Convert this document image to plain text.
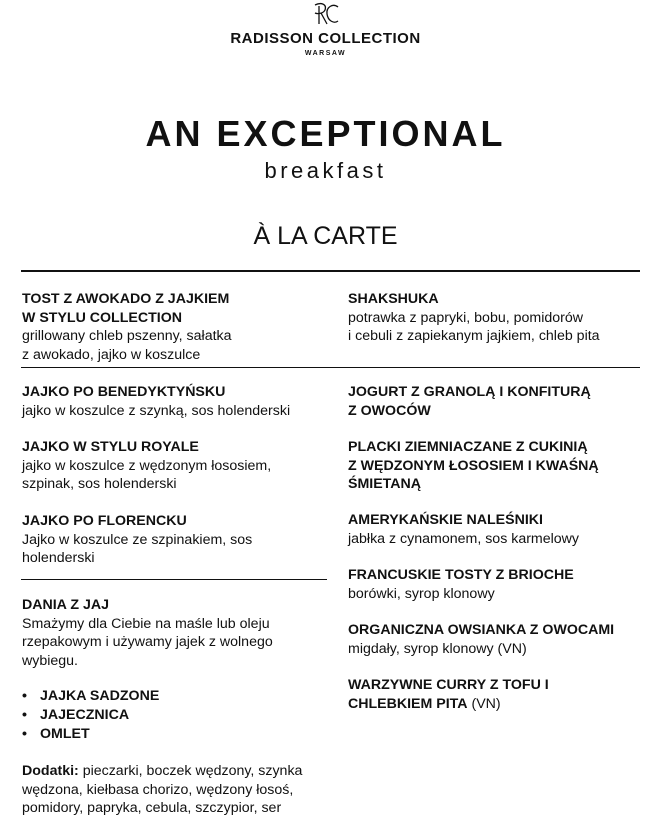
RADISSON COLLECTION
WARSAW
AN EXCEPTIONAL
breakfast
À LA CARTE
TOST Z AWOKADO Z JAJKIEM
W STYLU COLLECTION
grillowany chleb pszenny, sałatka
z awokado, jajko w koszulce
SHAKSHUKA
potrawka z papryki, bobu, pomidorów
i cebuli z zapiekanym jajkiem, chleb pita
JAJKO PO BENEDYKTYŃSKU
jajko w koszulce z szynką, sos holenderski
JAJKO W STYLU ROYALE
jajko w koszulce z wędzonym łososiem,
szpinak, sos holenderski
JAJKO PO FLORENCKU
Jajko w koszulce ze szpinakiem, sos
holenderski
DANIA Z JAJ
Smażymy dla Ciebie na maśle lub oleju
rzepakowym i używamy jajek z wolnego
wybiegu.
• JAJKA SADZONE
• JAJECZNICA
• OMLET
Dodatki: pieczarki, boczek wędzony, szynka
wędzona, kiełbasa chorizo, wędzony łosoś,
pomidory, papryka, cebula, szczypior, ser
JOGURT Z GRANOLĄ I KONFITURĄ
Z OWOCÓW
PLACKI ZIEMNIACZANE Z CUKINIĄ
Z WĘDZONYM ŁOSOSIEM I KWAŚNĄ
ŚMIETANĄ
AMERYKAŃSKIE NALEŚNIKI
jabłka z cynamonem, sos karmelowy
FRANCUSKIE TOSTY Z BRIOCHE
borówki, syrop klonowy
ORGANICZNA OWSIANKA Z OWOCAMI
migdały, syrop klonowy (VN)
WARZYWNE CURRY Z TOFU I
CHLEBKIEM PITA (VN)
